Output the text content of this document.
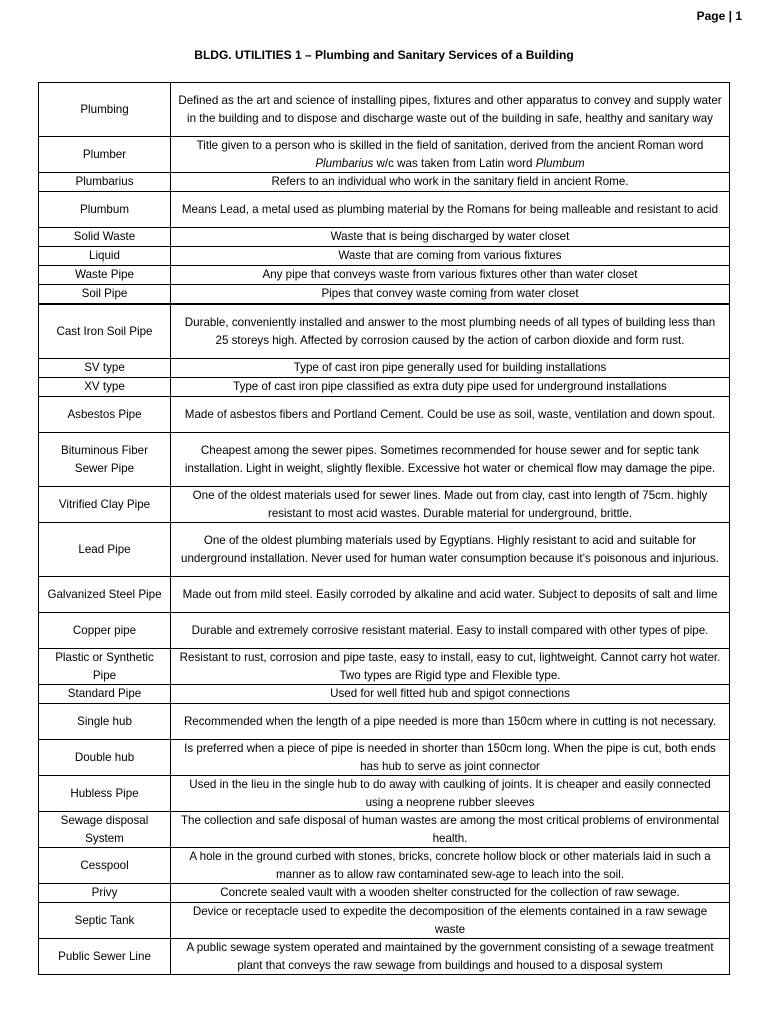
Page | 1
BLDG. UTILITIES 1 – Plumbing and Sanitary Services of a Building
Plumbing	Defined as the art and science of installing pipes, fixtures and other apparatus to convey and supply water in the building and to dispose and discharge waste out of the building in safe, healthy and sanitary way
Plumber	Title given to a person who is skilled in the field of sanitation, derived from the ancient Roman word Plumbarius w/c was taken from Latin word Plumbum
Plumbarius	Refers to an individual who work in the sanitary field in ancient Rome.
Plumbum	Means Lead, a metal used as plumbing material by the Romans for being malleable and resistant to acid
Solid Waste	Waste that is being discharged by water closet
Liquid	Waste that are coming from various fixtures
Waste Pipe	Any pipe that conveys waste from various fixtures other than water closet
Soil Pipe	Pipes that convey waste coming from water closet
Cast Iron Soil Pipe	Durable, conveniently installed and answer to the most plumbing needs of all types of building less than 25 storeys high. Affected by corrosion caused by the action of carbon dioxide and form rust.
SV type	Type of cast iron pipe generally used for building installations
XV type	Type of cast iron pipe classified as extra duty pipe used for underground installations
Asbestos Pipe	Made of asbestos fibers and Portland Cement. Could be use as soil, waste, ventilation and down spout.
Bituminous Fiber Sewer Pipe	Cheapest among the sewer pipes. Sometimes recommended for house sewer and for septic tank installation. Light in weight, slightly flexible. Excessive hot water or chemical flow may damage the pipe.
Vitrified Clay Pipe	One of the oldest materials used for sewer lines. Made out from clay, cast into length of 75cm. highly resistant to most acid wastes. Durable material for underground, brittle.
Lead Pipe	One of the oldest plumbing materials used by Egyptians. Highly resistant to acid and suitable for underground installation. Never used for human water consumption because it’s poisonous and injurious.
Galvanized Steel Pipe	Made out from mild steel. Easily corroded by alkaline and acid water. Subject to deposits of salt and lime
Copper pipe	Durable and extremely corrosive resistant material. Easy to install compared with other types of pipe.
Plastic or Synthetic Pipe	Resistant to rust, corrosion and pipe taste, easy to install, easy to cut, lightweight. Cannot carry hot water. Two types are Rigid type and Flexible type.
Standard Pipe	Used for well fitted hub and spigot connections
Single hub	Recommended when the length of a pipe needed is more than 150cm where in cutting is not necessary.
Double hub	Is preferred when a piece of pipe is needed in shorter than 150cm long. When the pipe is cut, both ends has hub to serve as joint connector
Hubless Pipe	Used in the lieu in the single hub to do away with caulking of joints. It is cheaper and easily connected using a neoprene rubber sleeves
Sewage disposal System	The collection and safe disposal of human wastes are among the most critical problems of environmental health.
Cesspool	A hole in the ground curbed with stones, bricks, concrete hollow block or other materials laid in such a manner as to allow raw contaminated sew-age to leach into the soil.
Privy	Concrete sealed vault with a wooden shelter constructed for the collection of raw sewage.
Septic Tank	Device or receptacle used to expedite the decomposition of the elements contained in a raw sewage waste
Public Sewer Line	A public sewage system operated and maintained by the government consisting of a sewage treatment plant that conveys the raw sewage from buildings and housed to a disposal system
